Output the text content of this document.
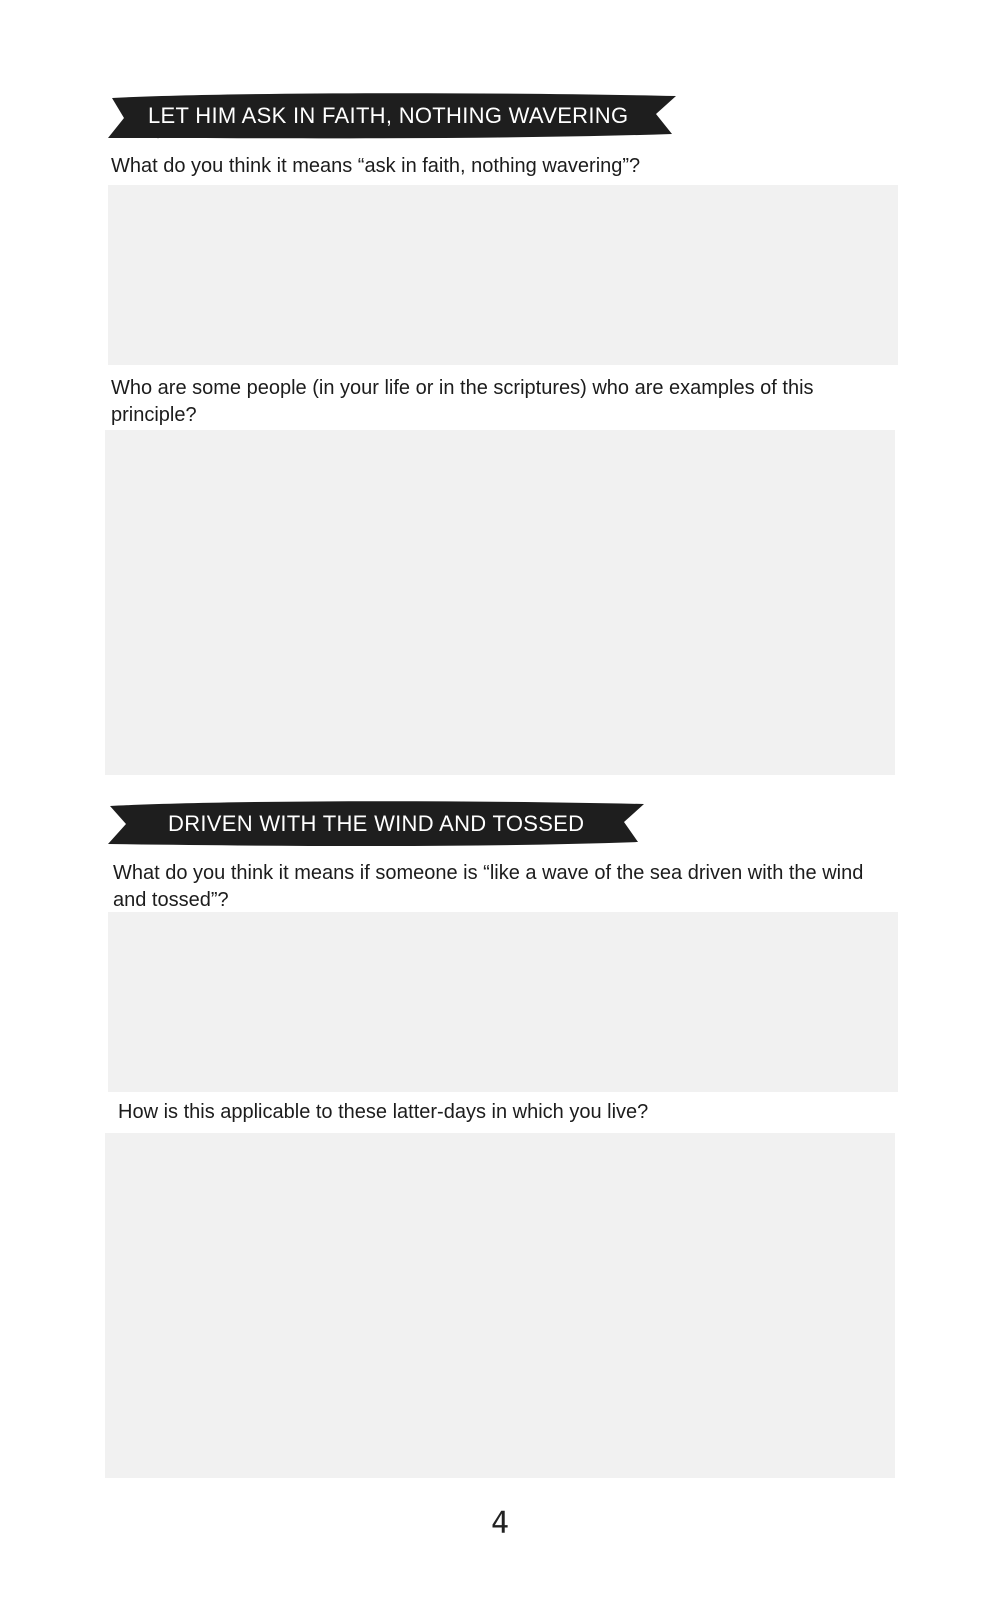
LET HIM ASK IN FAITH, NOTHING WAVERING
What do you think it means “ask in faith, nothing wavering”?
Who are some people (in your life or in the scriptures) who are examples of this principle?
DRIVEN WITH THE WIND AND TOSSED
What do you think it means if someone is “like a wave of the sea driven with the wind and tossed”?
How is this applicable to these latter-days in which you live?
4
